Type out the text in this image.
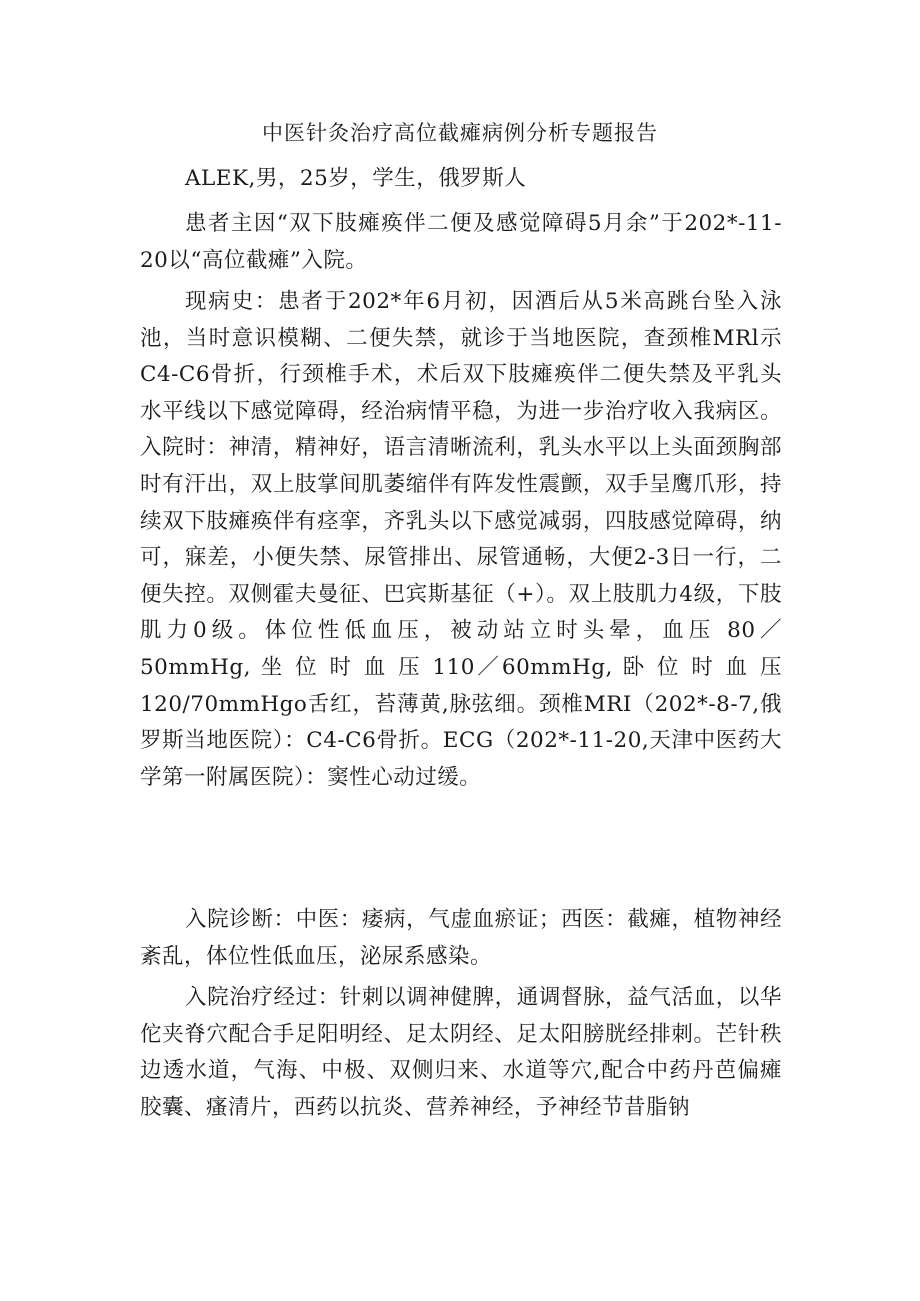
中医针灸治疗高位截瘫病例分析专题报告

ALEK,男，25岁，学生，俄罗斯人

患者主因“双下肢瘫痪伴二便及感觉障碍5月余”于202*-11-20以“高位截瘫”入院。

现病史：患者于202*年6月初，因酒后从5米高跳台坠入泳池，当时意识模糊、二便失禁，就诊于当地医院，查颈椎MRl示C4-C6骨折，行颈椎手术，术后双下肢瘫痪伴二便失禁及平乳头水平线以下感觉障碍，经治病情平稳，为进一步治疗收入我病区。入院时：神清，精神好，语言清晰流利，乳头水平以上头面颈胸部时有汗出，双上肢掌间肌萎缩伴有阵发性震颤，双手呈鹰爪形，持续双下肢瘫痪伴有痉挛，齐乳头以下感觉减弱，四肢感觉障碍，纳可，寐差，小便失禁、尿管排出、尿管通畅，大便2-3日一行，二便失控。双侧霍夫曼征、巴宾斯基征（+）。双上肢肌力4级，下肢肌力0级。体位性低血压，被动站立时头晕，血压 80／50mmHg, 坐 位 时 血 压 110／60mmHg, 卧 位 时 血 压 120/70mmHgo舌红，苔薄黄,脉弦细。颈椎MRI（202*-8-7,俄罗斯当地医院）：C4-C6骨折。ECG（202*-11-20,天津中医药大学第一附属医院）：窦性心动过缓。

入院诊断：中医：痿病，气虚血瘀证；西医：截瘫，植物神经紊乱，体位性低血压，泌尿系感染。

入院治疗经过：针刺以调神健脾，通调督脉，益气活血，以华佗夹脊穴配合手足阳明经、足太阴经、足太阳膀胱经排刺。芒针秩边透水道，气海、中极、双侧归来、水道等穴,配合中药丹芭偏瘫胶囊、瘙清片，西药以抗炎、营养神经，予神经节昔脂钠
